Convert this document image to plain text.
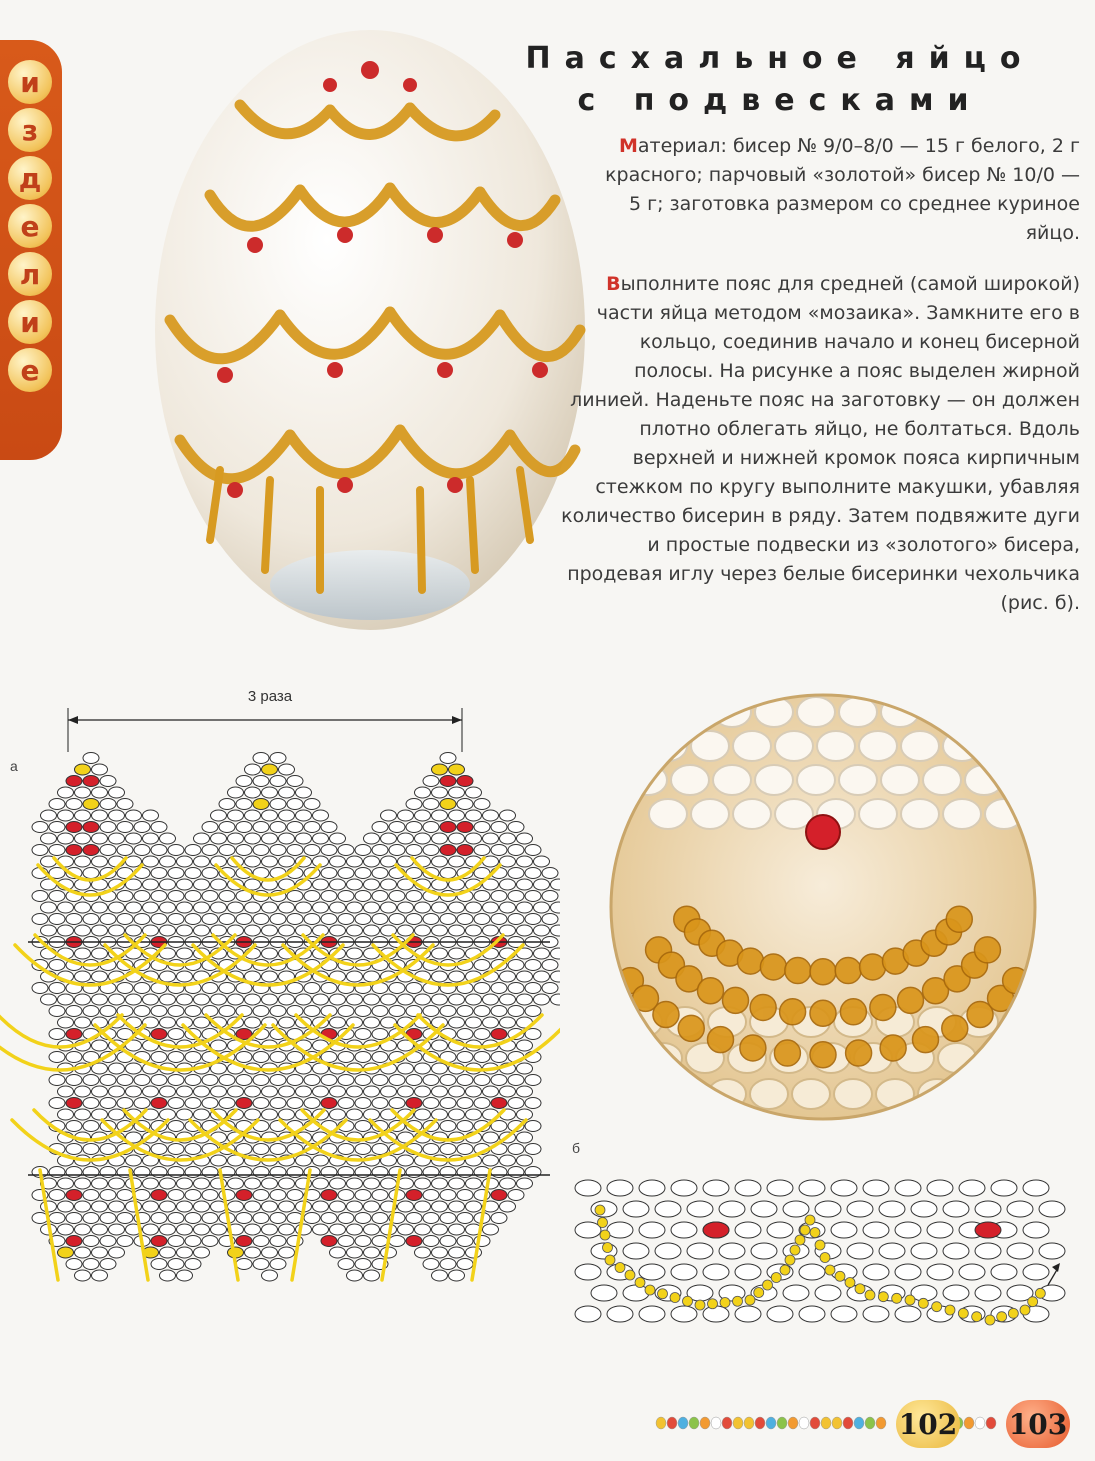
и
з
д
е
л
и
е
Пасхальное яйцо
с подвесками
Материал: бисер № 9/0–8/0 — 15 г белого, 2 г красного; парчовый «золотой» бисер № 10/0 — 5 г; заготовка размером со среднее куриное яйцо.
Выполните пояс для средней (самой широкой) части яйца методом «мозаика». Замкните его в кольцо, соединив начало и конец бисерной полосы. На рисунке а пояс выделен жирной линией. Наденьте пояс на заготовку — он должен плотно облегать яйцо, не болтаться. Вдоль верхней и нижней кромок пояса кирпичным стежком по кругу выполните макушки, убавляя количество бисерин в ряду. Затем подвяжите дуги и простые подвески из «золотого» бисера, продевая иглу через белые бисеринки чехольчика (рис. б).
3 раза
а
б
102 103
